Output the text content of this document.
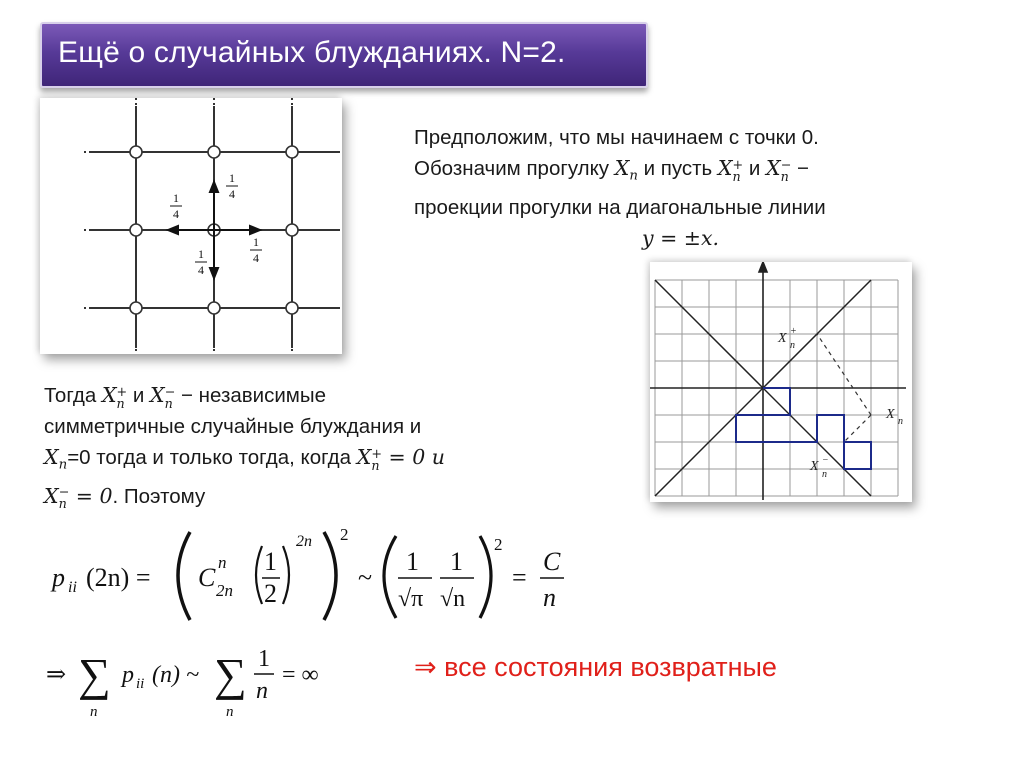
Ещё о случайных блужданиях. N=2.
1
4
1
4
1
4
1
4
Предположим, что мы начинаем с точки 0.
Обозначим прогулку $X_n$ и пусть X+
n и X−
n −
проекции прогулки на диагональные линии
y = ±x.
X +
n
X n
X −
n
Тогда X+
n и X−
n − независимые
симметричные случайные блуждания и
$X_n=0$ тогда и только тогда, когда X+
n = 0 и
X−
n = 0. Поэтому
p ii (2n) = C
n
2n
1
2
2n 2
~
1
√π
1
√n
2
=
C
n
⇒ ∑
n
p ii (n) ~ ∑
n
1
n
= ∞	⇒ все состояния возвратные
